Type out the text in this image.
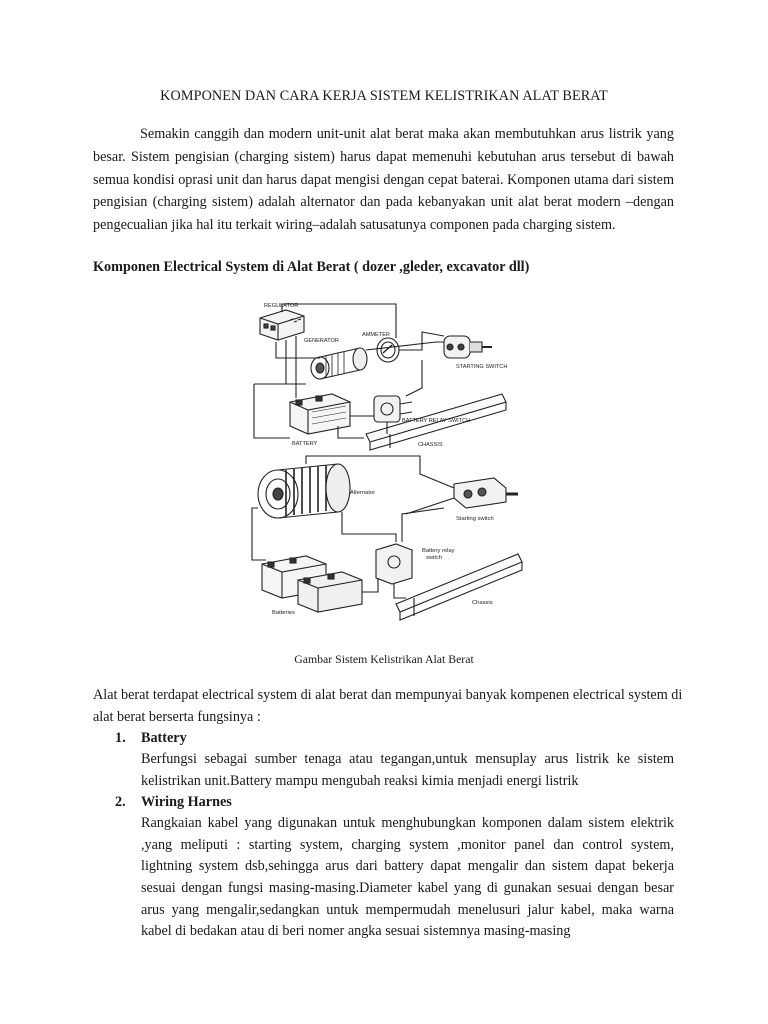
KOMPONEN DAN CARA KERJA SISTEM KELISTRIKAN ALAT BERAT

Semakin canggih dan modern unit-unit alat berat maka akan membutuhkan arus listrik yang besar. Sistem pengisian (charging sistem) harus dapat memenuhi kebutuhan arus tersebut di bawah semua kondisi oprasi unit dan harus dapat mengisi dengan cepat baterai. Komponen utama dari sistem pengisian (charging sistem) adalah alternator dan pada kebanyakan unit alat berat modern –dengan pengecualian jika hal itu terkait wiring–adalah satusatunya componen pada charging sistem.

Komponen Electrical System di Alat Berat ( dozer ,gleder, excavator dll)

REGULATOR
GENERATOR
AMMETER
STARTING SWITCH
BATTERY RELAY SWITCH
BATTERY	CHASSIS
Alternator
Starting switch
Battery relay
switch
Batteries
Chassis
Gambar Sistem Kelistrikan Alat Berat

Alat berat terdapat electrical system di alat berat dan mempunyai banyak kompenen electrical system di alat berat berserta fungsinya :

1. Battery

Berfungsi sebagai sumber tenaga atau tegangan,untuk mensuplay arus listrik ke sistem kelistrikan unit.Battery mampu mengubah reaksi kimia menjadi energi listrik

2. Wiring Harnes

Rangkaian kabel yang digunakan untuk menghubungkan komponen dalam sistem elektrik ,yang meliputi : starting system, charging system ,monitor panel dan control system, lightning system dsb,sehingga arus dari battery dapat mengalir dan sistem dapat bekerja sesuai dengan fungsi masing-masing.Diameter kabel yang di gunakan sesuai dengan besar arus yang mengalir,sedangkan untuk mempermudah menelusuri jalur kabel, maka warna kabel di bedakan atau di beri nomer angka sesuai sistemnya masing-masing
